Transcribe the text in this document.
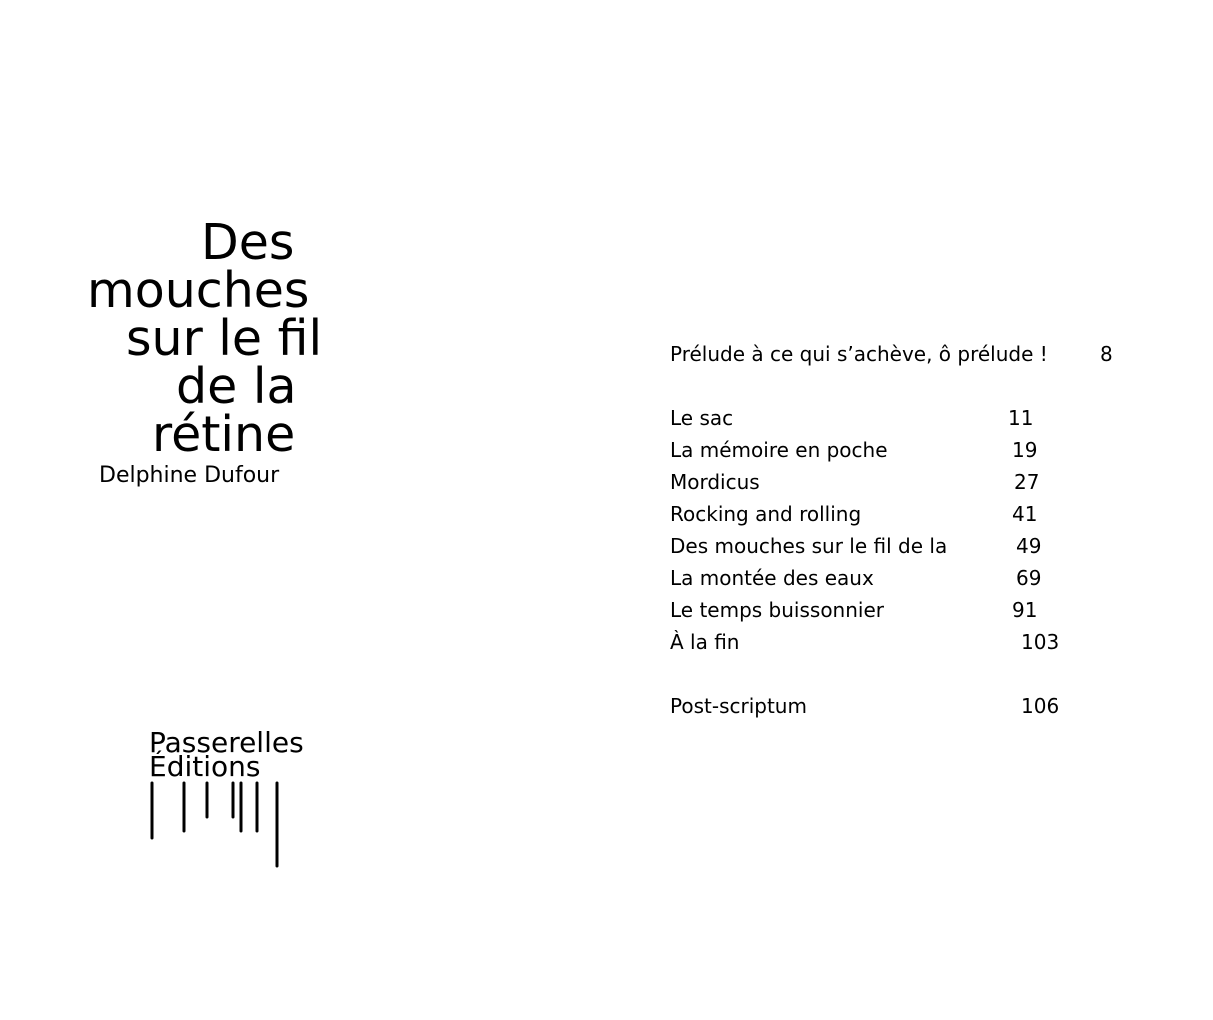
Des
mouches
sur le fil
de la
rétine
Delphine Dufour
Passerelles
Éditions
Prélude à ce qui s’achève, ô prélude !	8
Le sac	11
La mémoire en poche	19
Mordicus	27
Rocking and rolling	41
Des mouches sur le fil de la	49
La montée des eaux	69
Le temps buissonnier	91
À la fin	103
Post-scriptum	106
